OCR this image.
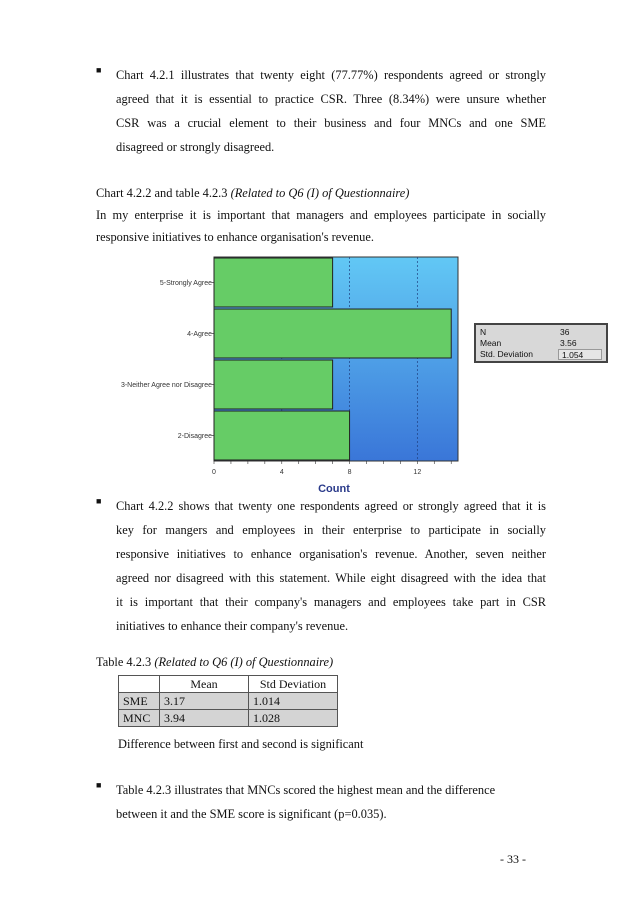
■ Chart 4.2.1 illustrates that twenty eight (77.77%) respondents agreed or strongly
agreed that it is essential to practice CSR. Three (8.34%) were unsure whether
CSR was a crucial element to their business and four MNCs and one SME
disagreed or strongly disagreed.
Chart 4.2.2 and table 4.2.3 (Related to Q6 (I) of Questionnaire)
In my enterprise it is important that managers and employees participate in socially
responsive initiatives to enhance organisation's revenue.
5-Strongly Agree
4-Agree
3-Neither Agree nor Disagree
2-Disagree
0	4	8	12
Count
N	36
Mean	3.56
Std. Deviation	1.054
■ Chart 4.2.2 shows that twenty one respondents agreed or strongly agreed that it is
key for mangers and employees in their enterprise to participate in socially
responsive initiatives to enhance organisation's revenue. Another, seven neither
agreed nor disagreed with this statement. While eight disagreed with the idea that
it is important that their company's managers and employees take part in CSR
initiatives to enhance their company's revenue.
Table 4.2.3 (Related to Q6 (I) of Questionnaire)
	Mean	Std Deviation
SME	3.17	1.014
MNC	3.94	1.028
Difference between first and second is significant
■ Table 4.2.3 illustrates that MNCs scored the highest mean and the difference
between it and the SME score is significant (p=0.035).
- 33 -
